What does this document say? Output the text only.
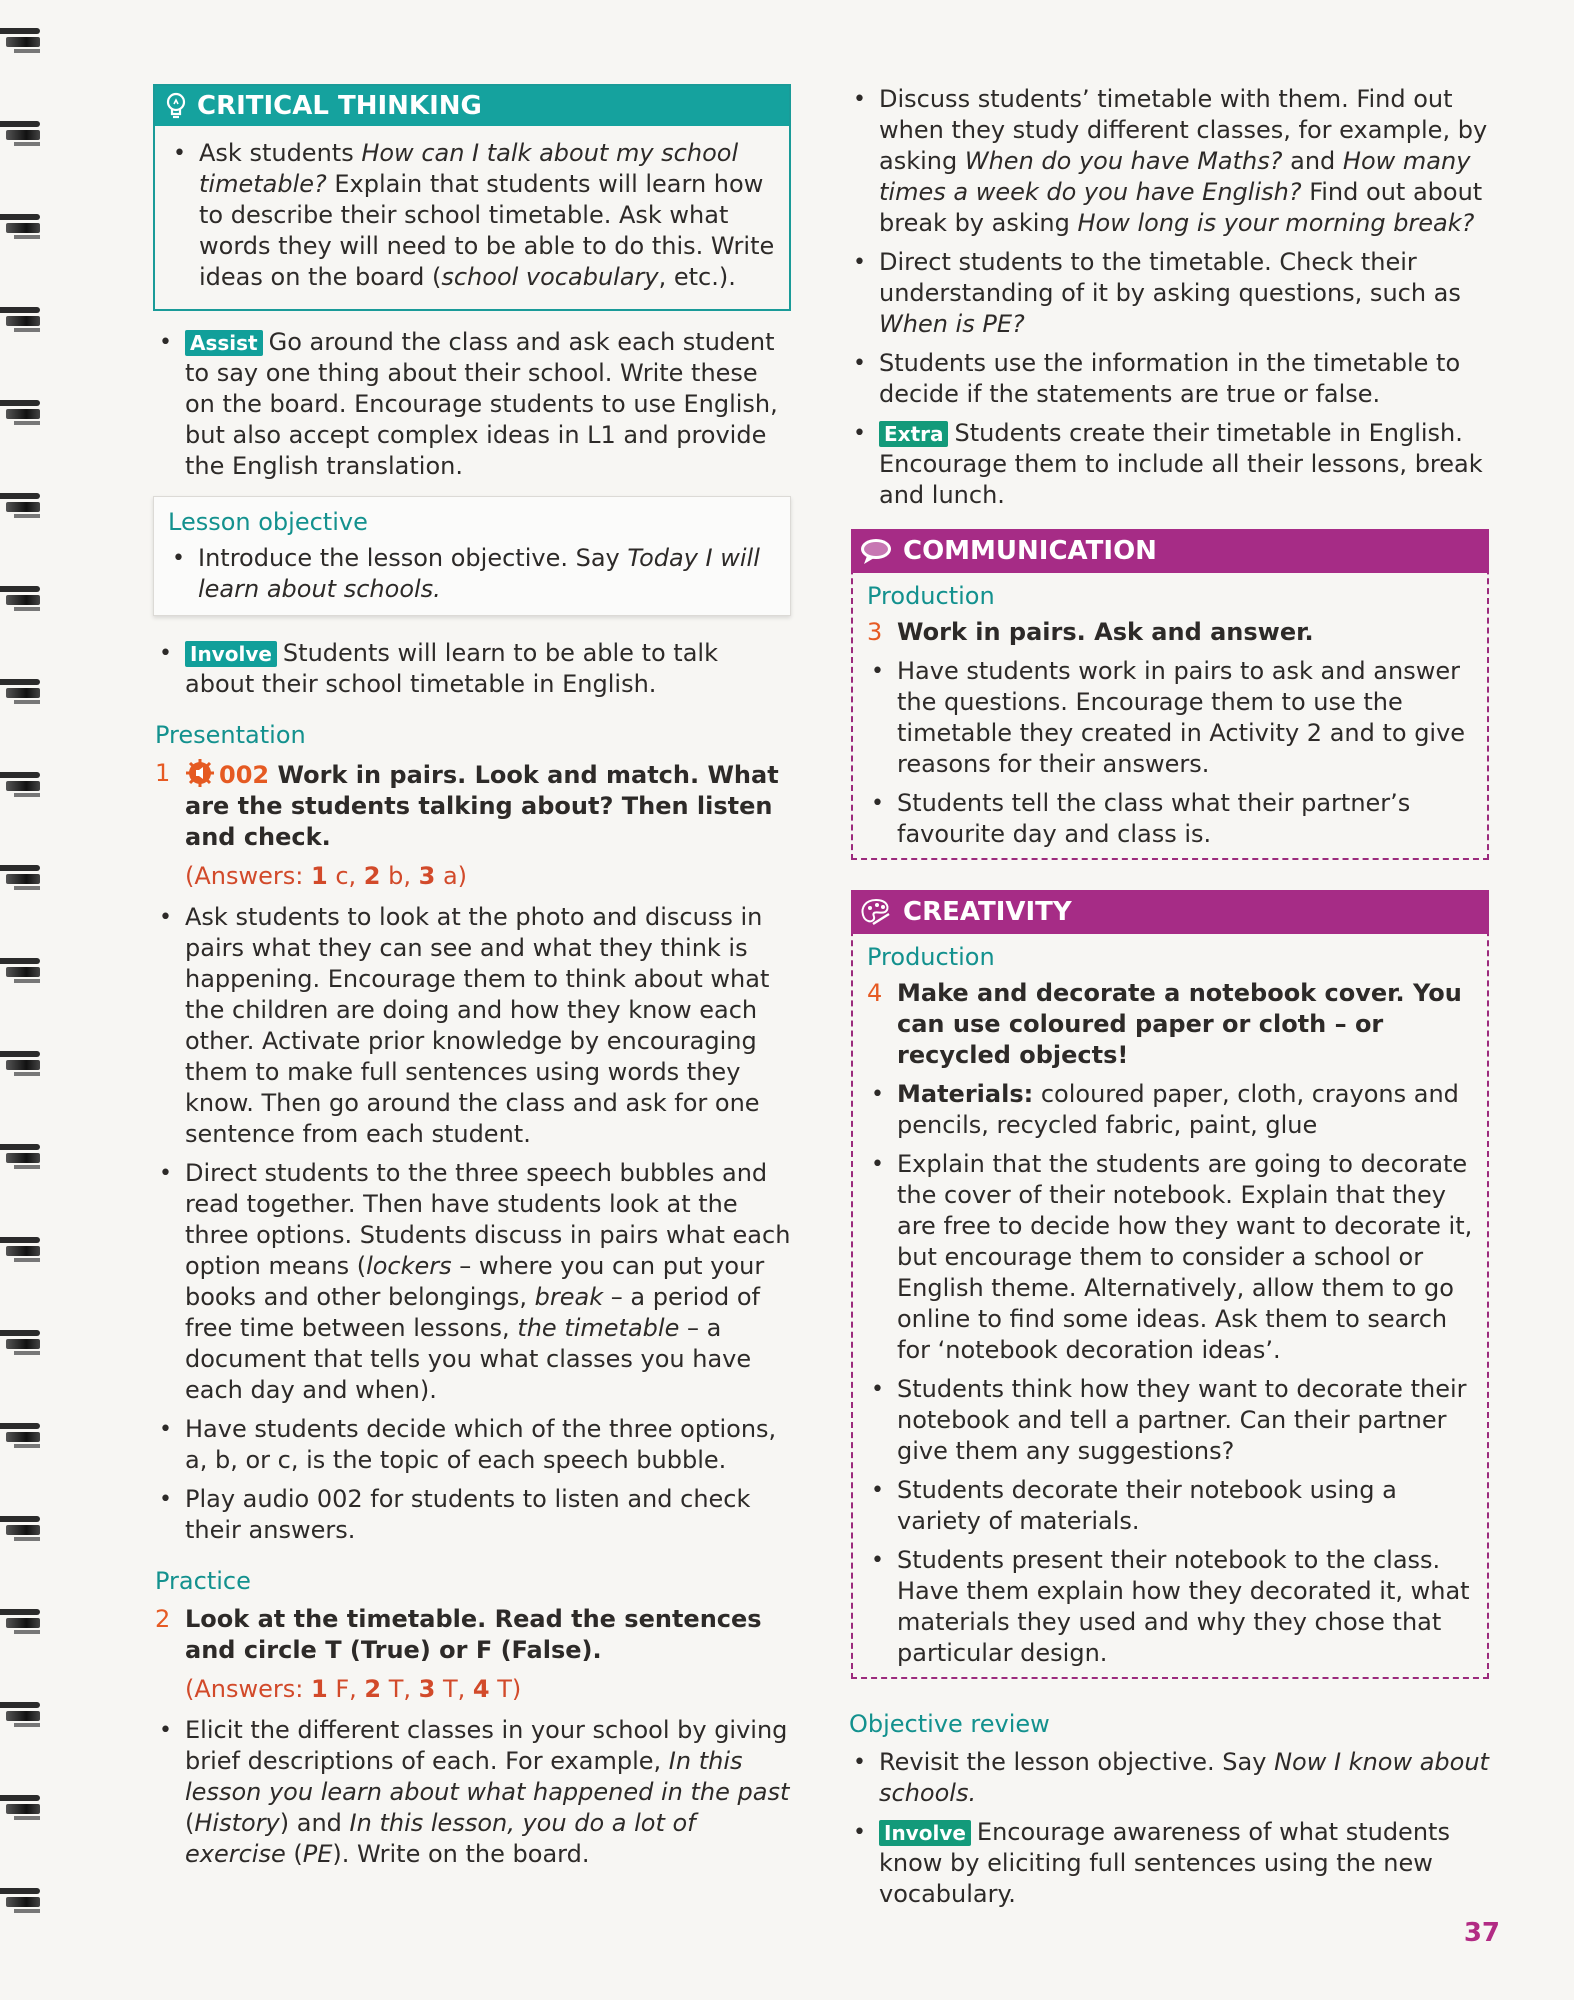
CRITICAL THINKING
• Ask students How can I talk about my school timetable? Explain that students will learn how to describe their school timetable. Ask what words they will need to be able to do this. Write ideas on the board (school vocabulary, etc.).
• Assist Go around the class and ask each student to say one thing about their school. Write these on the board. Encourage students to use English, but also accept complex ideas in L1 and provide the English translation.

Lesson objective

• Introduce the lesson objective. Say Today I will learn about schools.
• Involve Students will learn to be able to talk about their school timetable in English.

Presentation

1 002 Work in pairs. Look and match. What are the students talking about? Then listen and check.
(Answers: 1 c, 2 b, 3 a)
• Ask students to look at the photo and discuss in pairs what they can see and what they think is happening. Encourage them to think about what the children are doing and how they know each other. Activate prior knowledge by encouraging them to make full sentences using words they know. Then go around the class and ask for one sentence from each student.
• Direct students to the three speech bubbles and read together. Then have students look at the three options. Students discuss in pairs what each option means (lockers – where you can put your books and other belongings, break – a period of free time between lessons, the timetable – a document that tells you what classes you have each day and when).
• Have students decide which of the three options, a, b, or c, is the topic of each speech bubble.
• Play audio 002 for students to listen and check their answers.

Practice

2 Look at the timetable. Read the sentences and circle T (True) or F (False).
(Answers: 1 F, 2 T, 3 T, 4 T)
• Elicit the different classes in your school by giving brief descriptions of each. For example, In this lesson you learn about what happened in the past (History) and In this lesson, you do a lot of exercise (PE). Write on the board.
• Discuss students’ timetable with them. Find out when they study different classes, for example, by asking When do you have Maths? and How many times a week do you have English? Find out about break by asking How long is your morning break?
• Direct students to the timetable. Check their understanding of it by asking questions, such as When is PE?
• Students use the information in the timetable to decide if the statements are true or false.
• Extra Students create their timetable in English. Encourage them to include all their lessons, break and lunch.
COMMUNICATION

Production

3 Work in pairs. Ask and answer.
• Have students work in pairs to ask and answer the questions. Encourage them to use the timetable they created in Activity 2 and to give reasons for their answers.
• Students tell the class what their partner’s favourite day and class is.
CREATIVITY

Production

4 Make and decorate a notebook cover. You can use coloured paper or cloth – or recycled objects!
• Materials: coloured paper, cloth, crayons and pencils, recycled fabric, paint, glue
• Explain that the students are going to decorate the cover of their notebook. Explain that they are free to decide how they want to decorate it, but encourage them to consider a school or English theme. Alternatively, allow them to go online to find some ideas. Ask them to search for ‘notebook decoration ideas’.
• Students think how they want to decorate their notebook and tell a partner. Can their partner give them any suggestions?
• Students decorate their notebook using a variety of materials.
• Students present their notebook to the class. Have them explain how they decorated it, what materials they used and why they chose that particular design.

Objective review

• Revisit the lesson objective. Say Now I know about schools.
• Involve Encourage awareness of what students know by eliciting full sentences using the new vocabulary.
37
